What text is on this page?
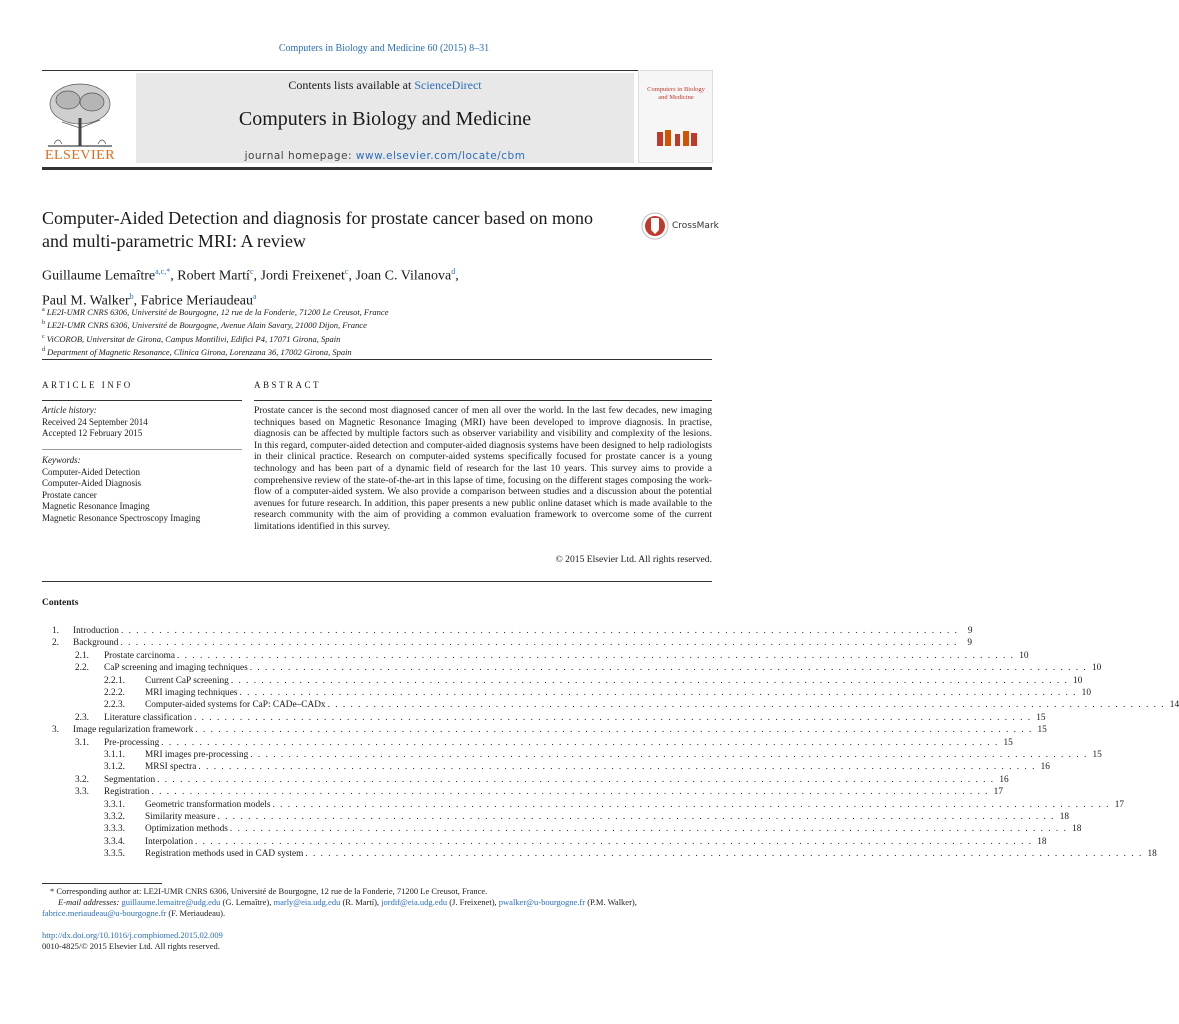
Computers in Biology and Medicine 60 (2015) 8–31
ELSEVIER
Contents lists available at ScienceDirect
Computers in Biology and Medicine
journal homepage: www.elsevier.com/locate/cbm
Computers in Biology and Medicine
Computer-Aided Detection and diagnosis for prostate cancer based on mono and multi-parametric MRI: A review
CrossMark
Guillaume Lemaître$^{a,c,*}$, Robert Martí$^c$, Jordi Freixenet$^c$, Joan C. Vilanova$^d$,
Paul M. Walker$^b$, Fabrice Meriaudeau$^a$
$^a$ LE2I-UMR CNRS 6306, Université de Bourgogne, 12 rue de la Fonderie, 71200 Le Creusot, France
$^b$ LE2I-UMR CNRS 6306, Université de Bourgogne, Avenue Alain Savary, 21000 Dijon, France
$^c$ ViCOROB, Universitat de Girona, Campus Montilivi, Edifici P4, 17071 Girona, Spain
$^d$ Department of Magnetic Resonance, Clinica Girona, Lorenzana 36, 17002 Girona, Spain
ARTICLE INFO
Article history:
Received 24 September 2014
Accepted 12 February 2015
Keywords:
Computer-Aided Detection
Computer-Aided Diagnosis
Prostate cancer
Magnetic Resonance Imaging
Magnetic Resonance Spectroscopy Imaging
ABSTRACT
Prostate cancer is the second most diagnosed cancer of men all over the world. In the last few decades, new imaging techniques based on Magnetic Resonance Imaging (MRI) have been developed to improve diagnosis. In practise, diagnosis can be affected by multiple factors such as observer variability and visibility and complexity of the lesions. In this regard, computer-aided detection and computer-aided diagnosis systems have been designed to help radiologists in their clinical practice. Research on computer-aided systems specifically focused for prostate cancer is a young technology and has been part of a dynamic field of research for the last 10 years. This survey aims to provide a comprehensive review of the state-of-the-art in this lapse of time, focusing on the different stages composing the work-flow of a computer-aided system. We also provide a comparison between studies and a discussion about the potential avenues for future research. In addition, this paper presents a new public online dataset which is made available to the research community with the aim of providing a common evaluation framework to overcome some of the current limitations identified in this survey.
© 2015 Elsevier Ltd. All rights reserved.
Contents
1.	Introduction . . . . . . . . . . . . . . . . . . . . . . . . . . . . . . . . . . . . . . . . . . . . . . . . . . . . . . . . . . . . . . . . . . . . . . . . . . . . . . . . . . . . . . . . . . . . . . . . . . . . . . . . . . . . . .	9
2.	Background . . . . . . . . . . . . . . . . . . . . . . . . . . . . . . . . . . . . . . . . . . . . . . . . . . . . . . . . . . . . . . . . . . . . . . . . . . . . . . . . . . . . . . . . . . . . . . . . . . . . . . . . . . . . . .	9
2.1.	Prostate carcinoma . . . . . . . . . . . . . . . . . . . . . . . . . . . . . . . . . . . . . . . . . . . . . . . . . . . . . . . . . . . . . . . . . . . . . . . . . . . . . . . . . . . . . . . . . . . . . . . . . . . . . . . . . . . . . . 10
2.2.	CaP screening and imaging techniques . . . . . . . . . . . . . . . . . . . . . . . . . . . . . . . . . . . . . . . . . . . . . . . . . . . . . . . . . . . . . . . . . . . . . . . . . . . . . . . . . . . . . . . . . . . . . . . . . . . . . . . . . . . . . . 10
2.2.1.	Current CaP screening . . . . . . . . . . . . . . . . . . . . . . . . . . . . . . . . . . . . . . . . . . . . . . . . . . . . . . . . . . . . . . . . . . . . . . . . . . . . . . . . . . . . . . . . . . . . . . . . . . . . . . . . . . . . . . 10
2.2.2.	MRI imaging techniques . . . . . . . . . . . . . . . . . . . . . . . . . . . . . . . . . . . . . . . . . . . . . . . . . . . . . . . . . . . . . . . . . . . . . . . . . . . . . . . . . . . . . . . . . . . . . . . . . . . . . . . . . . . . . . 10
2.2.3.	Computer-aided systems for CaP: CADe–CADx . . . . . . . . . . . . . . . . . . . . . . . . . . . . . . . . . . . . . . . . . . . . . . . . . . . . . . . . . . . . . . . . . . . . . . . . . . . . . . . . . . . . . . . . . . . . . . . . . . . . . . . . . . . . . . 14
2.3.	Literature classification . . . . . . . . . . . . . . . . . . . . . . . . . . . . . . . . . . . . . . . . . . . . . . . . . . . . . . . . . . . . . . . . . . . . . . . . . . . . . . . . . . . . . . . . . . . . . . . . . . . . . . . . . . . . . . 15
3.	Image regularization framework . . . . . . . . . . . . . . . . . . . . . . . . . . . . . . . . . . . . . . . . . . . . . . . . . . . . . . . . . . . . . . . . . . . . . . . . . . . . . . . . . . . . . . . . . . . . . . . . . . . . . . . . . . . . . . 15
3.1.	Pre-processing . . . . . . . . . . . . . . . . . . . . . . . . . . . . . . . . . . . . . . . . . . . . . . . . . . . . . . . . . . . . . . . . . . . . . . . . . . . . . . . . . . . . . . . . . . . . . . . . . . . . . . . . . . . . . . 15
3.1.1.	MRI images pre-processing . . . . . . . . . . . . . . . . . . . . . . . . . . . . . . . . . . . . . . . . . . . . . . . . . . . . . . . . . . . . . . . . . . . . . . . . . . . . . . . . . . . . . . . . . . . . . . . . . . . . . . . . . . . . . . 15
3.1.2.	MRSI spectra . . . . . . . . . . . . . . . . . . . . . . . . . . . . . . . . . . . . . . . . . . . . . . . . . . . . . . . . . . . . . . . . . . . . . . . . . . . . . . . . . . . . . . . . . . . . . . . . . . . . . . . . . . . . . . 16
3.2.	Segmentation . . . . . . . . . . . . . . . . . . . . . . . . . . . . . . . . . . . . . . . . . . . . . . . . . . . . . . . . . . . . . . . . . . . . . . . . . . . . . . . . . . . . . . . . . . . . . . . . . . . . . . . . . . . . . . 16
3.3.	Registration . . . . . . . . . . . . . . . . . . . . . . . . . . . . . . . . . . . . . . . . . . . . . . . . . . . . . . . . . . . . . . . . . . . . . . . . . . . . . . . . . . . . . . . . . . . . . . . . . . . . . . . . . . . . . . 17
3.3.1.	Geometric transformation models . . . . . . . . . . . . . . . . . . . . . . . . . . . . . . . . . . . . . . . . . . . . . . . . . . . . . . . . . . . . . . . . . . . . . . . . . . . . . . . . . . . . . . . . . . . . . . . . . . . . . . . . . . . . . . 17
3.3.2.	Similarity measure . . . . . . . . . . . . . . . . . . . . . . . . . . . . . . . . . . . . . . . . . . . . . . . . . . . . . . . . . . . . . . . . . . . . . . . . . . . . . . . . . . . . . . . . . . . . . . . . . . . . . . . . . . . . . . 18
3.3.3.	Optimization methods . . . . . . . . . . . . . . . . . . . . . . . . . . . . . . . . . . . . . . . . . . . . . . . . . . . . . . . . . . . . . . . . . . . . . . . . . . . . . . . . . . . . . . . . . . . . . . . . . . . . . . . . . . . . . . 18
3.3.4.	Interpolation . . . . . . . . . . . . . . . . . . . . . . . . . . . . . . . . . . . . . . . . . . . . . . . . . . . . . . . . . . . . . . . . . . . . . . . . . . . . . . . . . . . . . . . . . . . . . . . . . . . . . . . . . . . . . . 18
3.3.5.	Registration methods used in CAD system . . . . . . . . . . . . . . . . . . . . . . . . . . . . . . . . . . . . . . . . . . . . . . . . . . . . . . . . . . . . . . . . . . . . . . . . . . . . . . . . . . . . . . . . . . . . . . . . . . . . . . . . . . . . . . 18
* Corresponding author at: LE2I-UMR CNRS 6306, Université de Bourgogne, 12 rue de la Fonderie, 71200 Le Creusot, France.
E-mail addresses: guillaume.lemaitre@udg.edu (G. Lemaître), marly@eia.udg.edu (R. Martí), jordif@eia.udg.edu (J. Freixenet), pwalker@u-bourgogne.fr (P.M. Walker),
fabrice.meriaudeau@u-bourgogne.fr (F. Meriaudeau).
http://dx.doi.org/10.1016/j.compbiomed.2015.02.009
0010-4825/© 2015 Elsevier Ltd. All rights reserved.
